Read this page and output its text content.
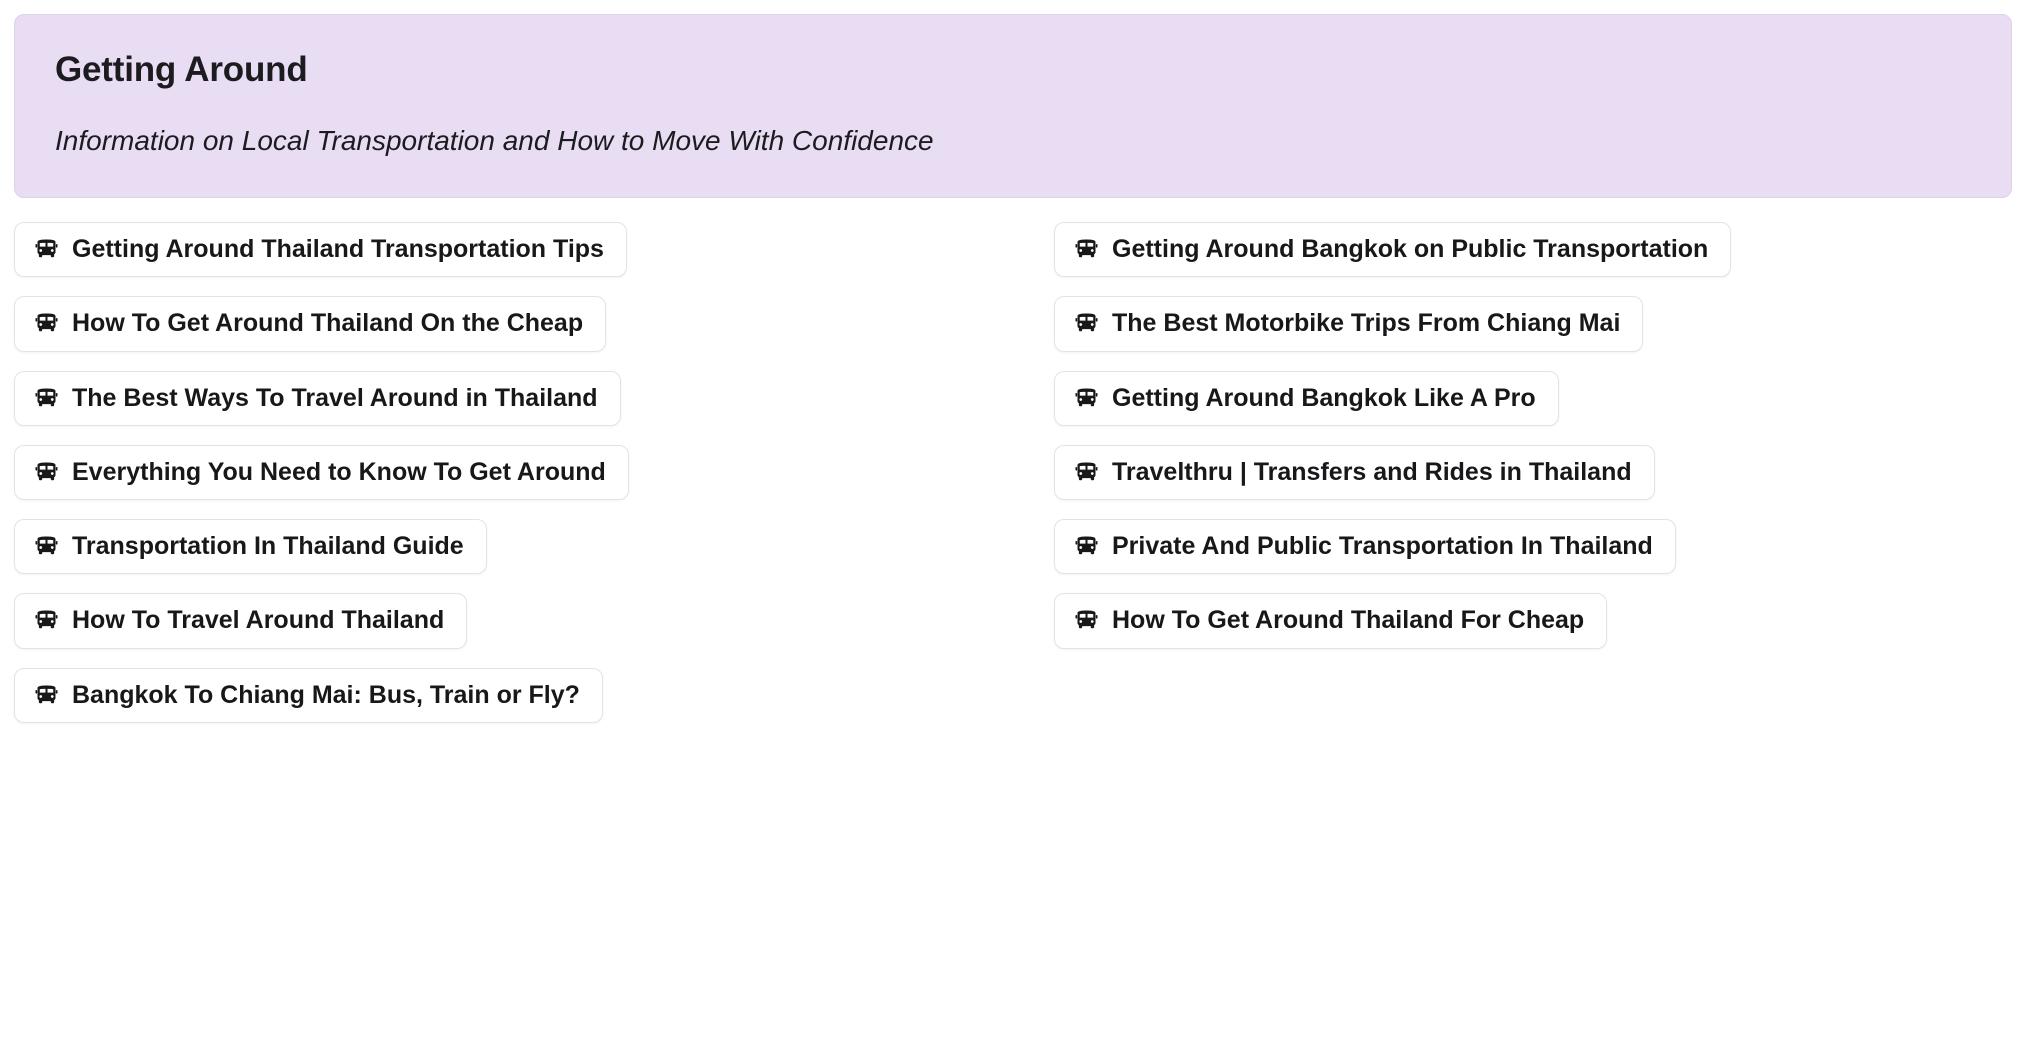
Getting Around
Information on Local Transportation and How to Move With Confidence
Getting Around Thailand Transportation Tips
How To Get Around Thailand On the Cheap
The Best Ways To Travel Around in Thailand
Everything You Need to Know To Get Around
Transportation In Thailand Guide
How To Travel Around Thailand
Bangkok To Chiang Mai: Bus, Train or Fly?
Getting Around Bangkok on Public Transportation
The Best Motorbike Trips From Chiang Mai
Getting Around Bangkok Like A Pro
Travelthru | Transfers and Rides in Thailand
Private And Public Transportation In Thailand
How To Get Around Thailand For Cheap
